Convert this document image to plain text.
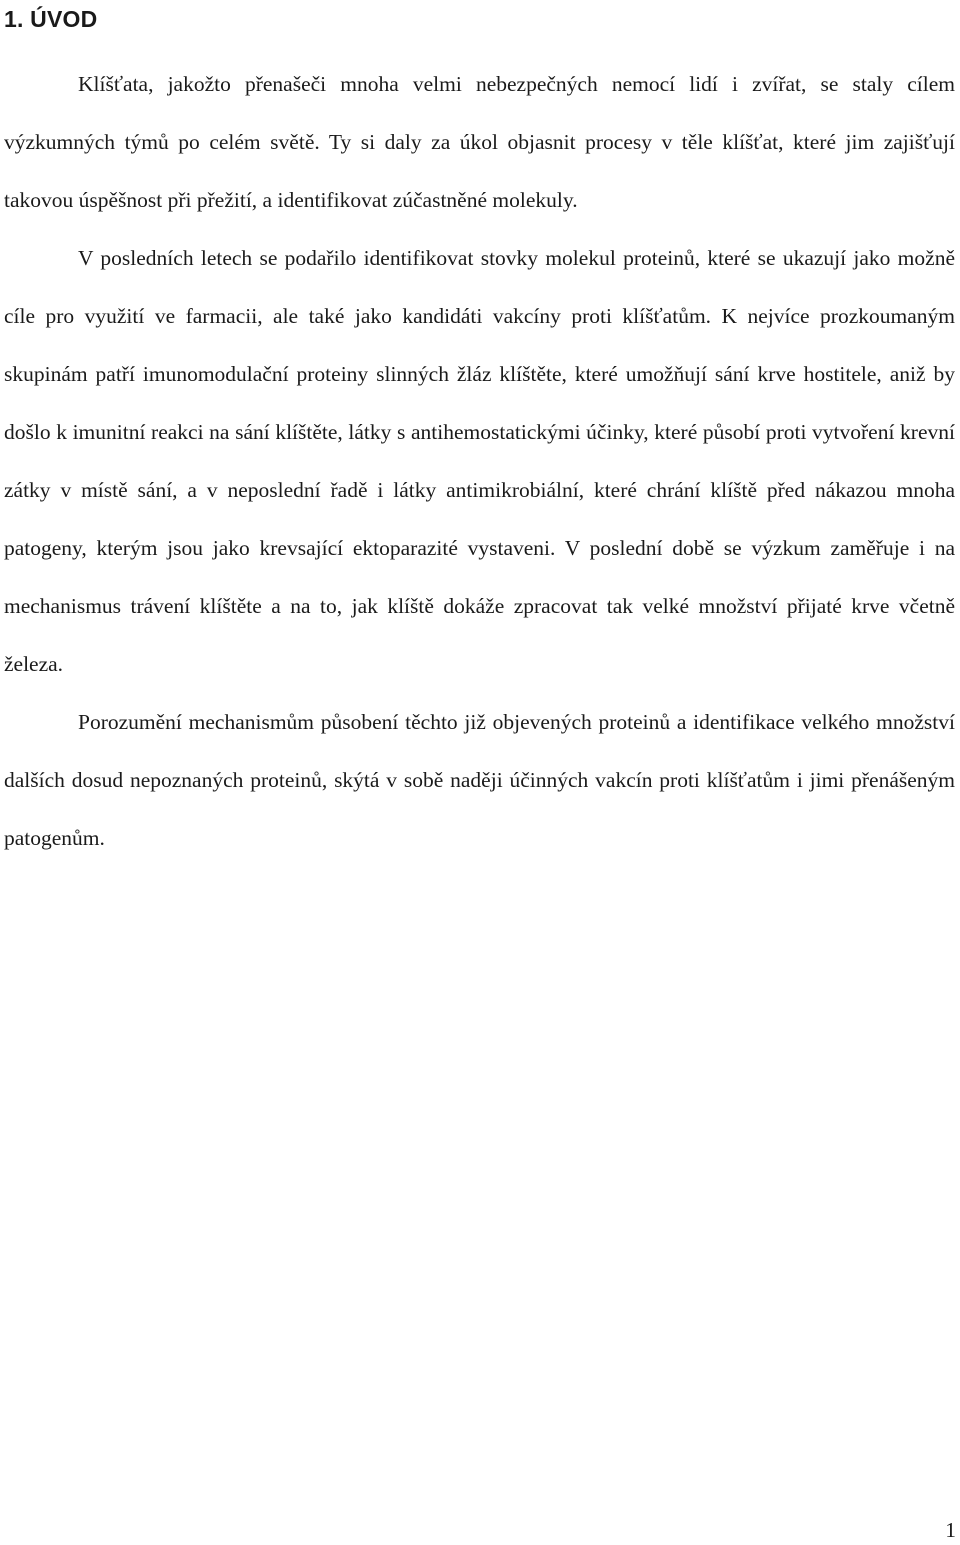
1. ÚVOD

Klíšťata, jakožto přenašeči mnoha velmi nebezpečných nemocí lidí i zvířat, se staly cílem výzkumných týmů po celém světě. Ty si daly za úkol objasnit procesy v těle klíšťat, které jim zajišťují takovou úspěšnost při přežití, a identifikovat zúčastněné molekuly.

V posledních letech se podařilo identifikovat stovky molekul proteinů, které se ukazují jako možně cíle pro využití ve farmacii, ale také jako kandidáti vakcíny proti klíšťatům. K nejvíce prozkoumaným skupinám patří imunomodulační proteiny slinných žláz klíštěte, které umožňují sání krve hostitele, aniž by došlo k imunitní reakci na sání klíštěte, látky s antihemostatickými účinky, které působí proti vytvoření krevní zátky v místě sání, a v neposlední řadě i látky antimikrobiální, které chrání klíště před nákazou mnoha patogeny, kterým jsou jako krevsající ektoparazité vystaveni. V poslední době se výzkum zaměřuje i na mechanismus trávení klíštěte a na to, jak klíště dokáže zpracovat tak velké množství přijaté krve včetně železa.

Porozumění mechanismům působení těchto již objevených proteinů a identifikace velkého množství dalších dosud nepoznaných proteinů, skýtá v sobě naději účinných vakcín proti klíšťatům i jimi přenášeným patogenům.

1
